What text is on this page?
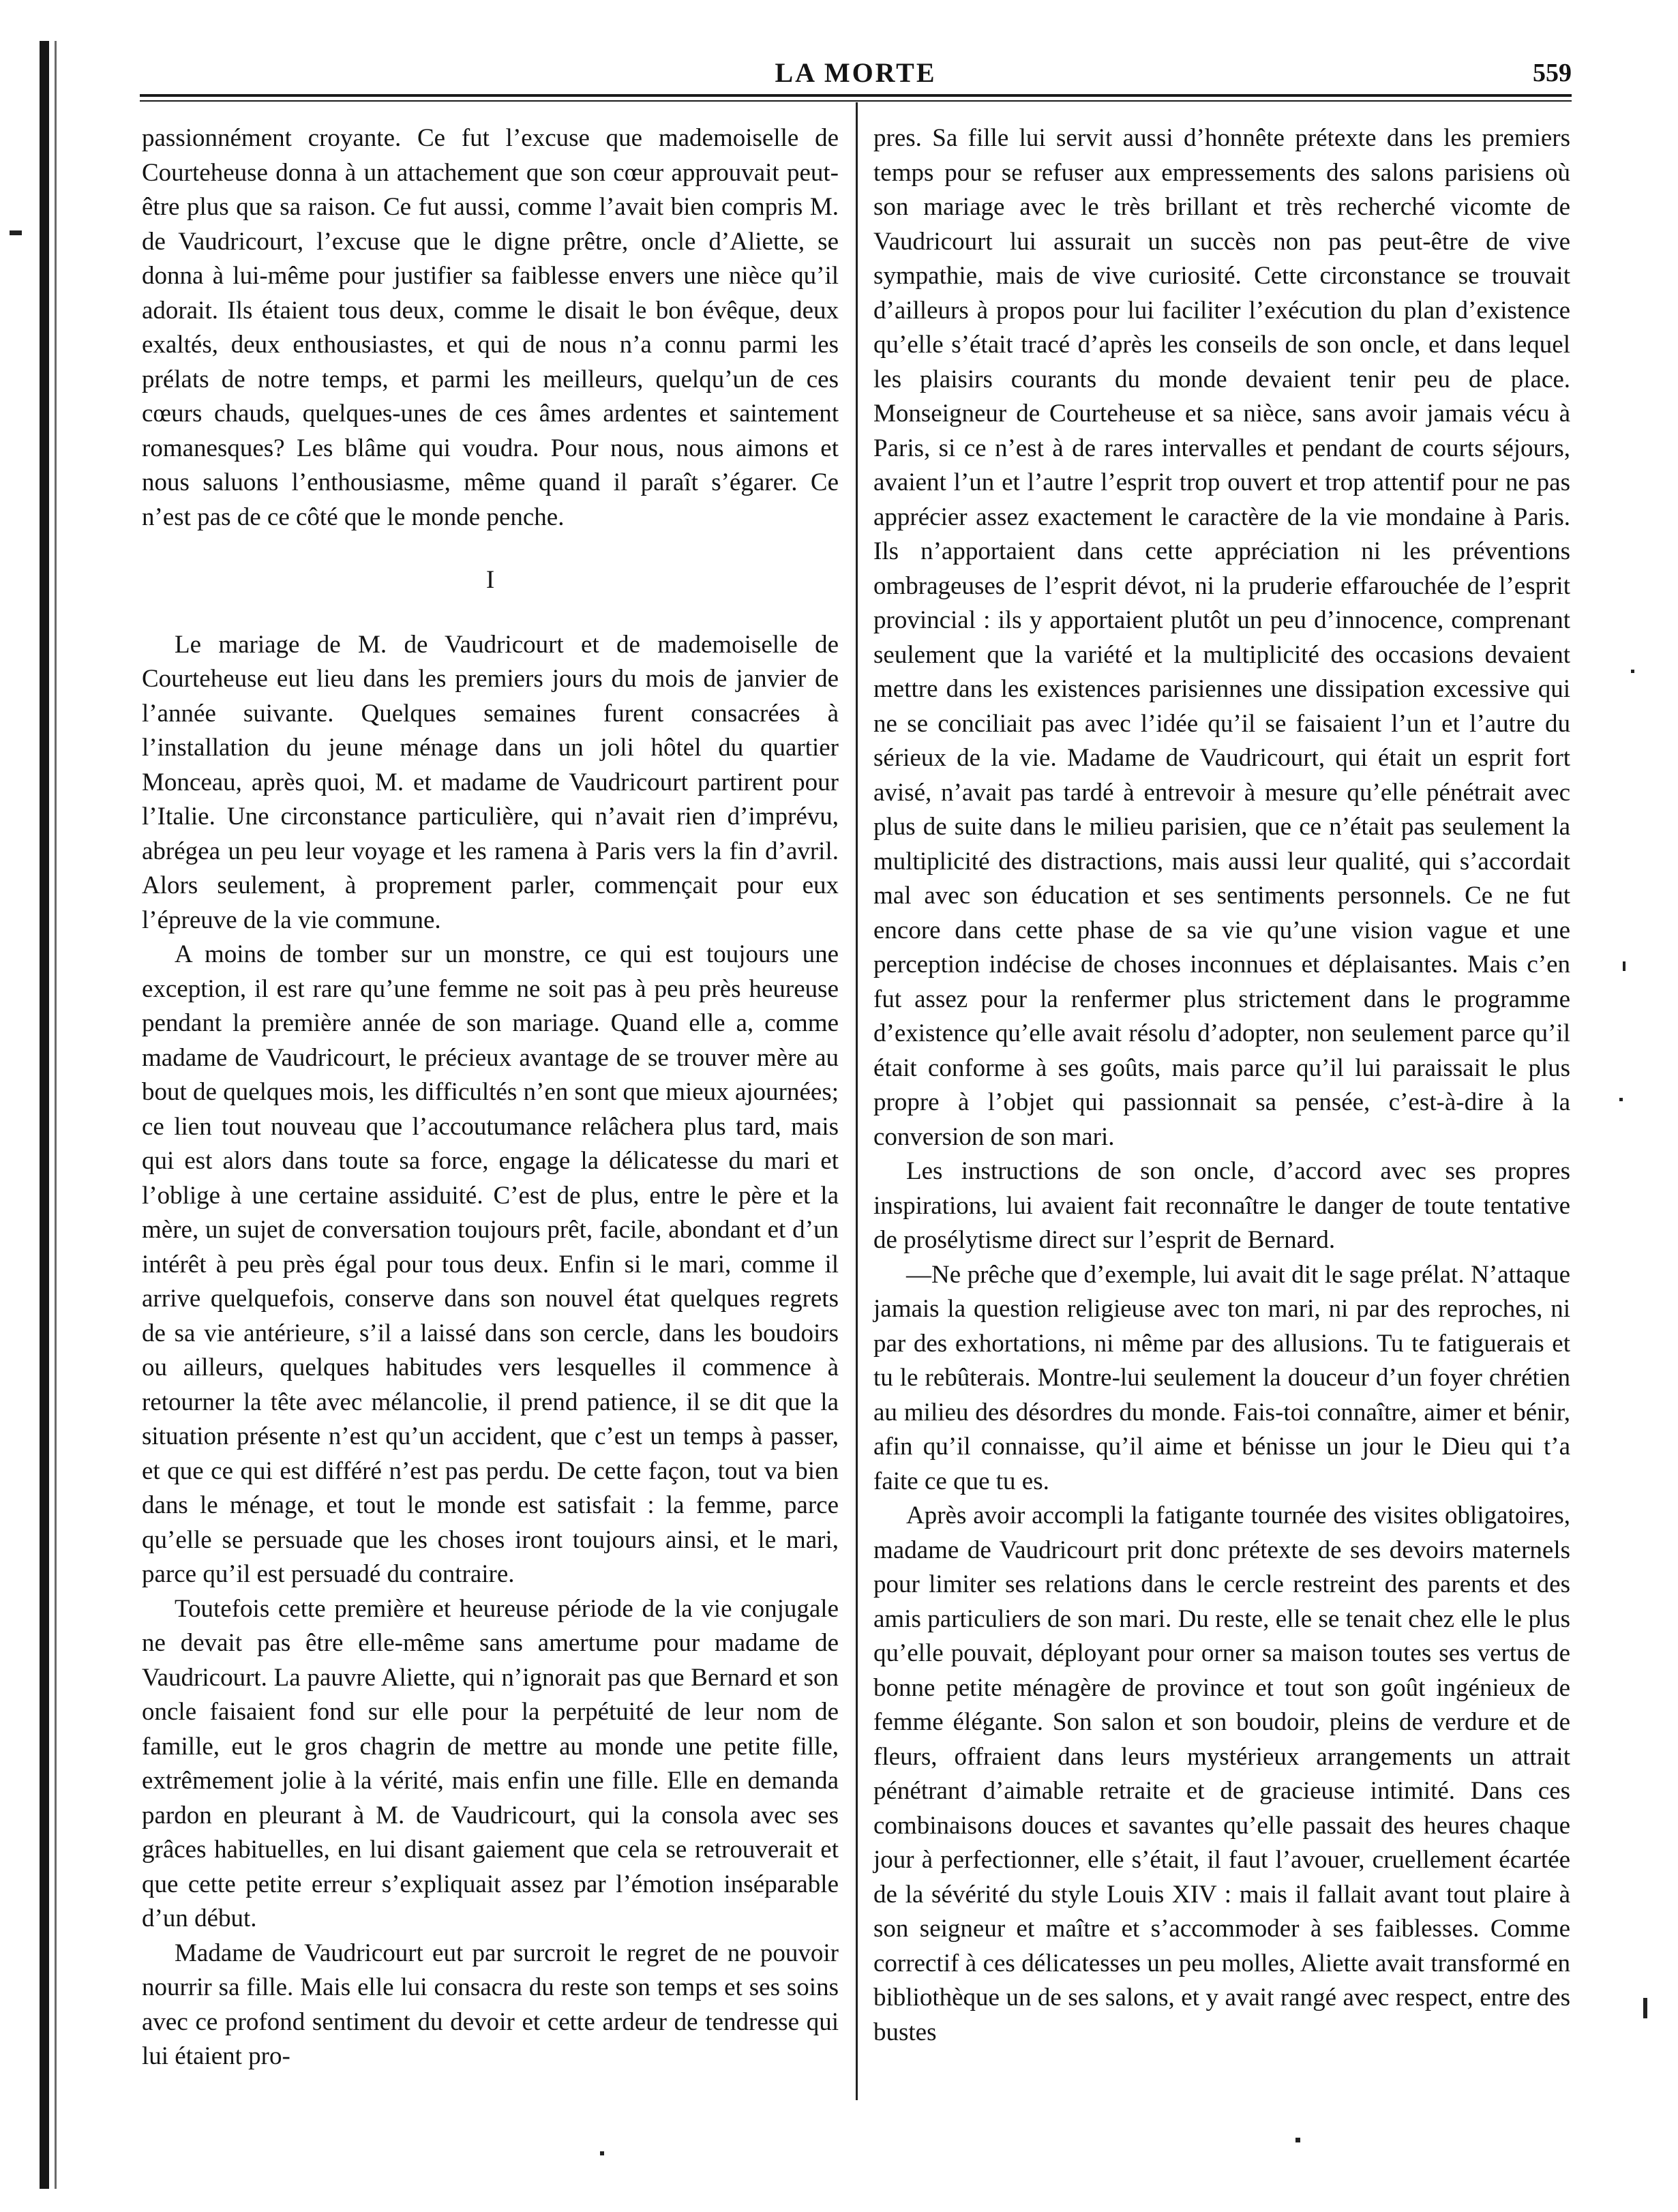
LA MORTE	559

passionnément croyante. Ce fut l’excuse que mademoiselle de Courteheuse donna à un attachement que son cœur approuvait peut-être plus que sa raison. Ce fut aussi, comme l’avait bien compris M. de Vaudricourt, l’excuse que le digne prêtre, oncle d’Aliette, se donna à lui-même pour justifier sa faiblesse envers une nièce qu’il adorait. Ils étaient tous deux, comme le disait le bon évêque, deux exaltés, deux enthousiastes, et qui de nous n’a connu parmi les prélats de notre temps, et parmi les meilleurs, quelqu’un de ces cœurs chauds, quelques-unes de ces âmes ardentes et saintement romanesques? Les blâme qui voudra. Pour nous, nous aimons et nous saluons l’enthousiasme, même quand il paraît s’égarer. Ce n’est pas de ce côté que le monde penche.

I

Le mariage de M. de Vaudricourt et de mademoiselle de Courteheuse eut lieu dans les premiers jours du mois de janvier de l’année suivante. Quelques semaines furent consacrées à l’installation du jeune ménage dans un joli hôtel du quartier Monceau, après quoi, M. et madame de Vaudricourt partirent pour l’Italie. Une circonstance particulière, qui n’avait rien d’imprévu, abrégea un peu leur voyage et les ramena à Paris vers la fin d’avril. Alors seulement, à proprement parler, commençait pour eux l’épreuve de la vie commune.

A moins de tomber sur un monstre, ce qui est toujours une exception, il est rare qu’une femme ne soit pas à peu près heureuse pendant la première année de son mariage. Quand elle a, comme madame de Vaudricourt, le précieux avantage de se trouver mère au bout de quelques mois, les difficultés n’en sont que mieux ajournées; ce lien tout nouveau que l’accoutumance relâchera plus tard, mais qui est alors dans toute sa force, engage la délicatesse du mari et l’oblige à une certaine assiduité. C’est de plus, entre le père et la mère, un sujet de conversation toujours prêt, facile, abondant et d’un intérêt à peu près égal pour tous deux. Enfin si le mari, comme il arrive quelquefois, conserve dans son nouvel état quelques regrets de sa vie antérieure, s’il a laissé dans son cercle, dans les boudoirs ou ailleurs, quelques habitudes vers lesquelles il commence à retourner la tête avec mélancolie, il prend patience, il se dit que la situation présente n’est qu’un accident, que c’est un temps à passer, et que ce qui est différé n’est pas perdu. De cette façon, tout va bien dans le ménage, et tout le monde est satisfait : la femme, parce qu’elle se persuade que les choses iront toujours ainsi, et le mari, parce qu’il est persuadé du contraire.

Toutefois cette première et heureuse période de la vie conjugale ne devait pas être elle-même sans amertume pour madame de Vaudricourt. La pauvre Aliette, qui n’ignorait pas que Bernard et son oncle faisaient fond sur elle pour la perpétuité de leur nom de famille, eut le gros chagrin de mettre au monde une petite fille, extrêmement jolie à la vérité, mais enfin une fille. Elle en demanda pardon en pleurant à M. de Vaudricourt, qui la consola avec ses grâces habituelles, en lui disant gaiement que cela se retrouverait et que cette petite erreur s’expliquait assez par l’émotion inséparable d’un début.

Madame de Vaudricourt eut par surcroit le regret de ne pouvoir nourrir sa fille. Mais elle lui consacra du reste son temps et ses soins avec ce profond sentiment du devoir et cette ardeur de tendresse qui lui étaient pro-

pres. Sa fille lui servit aussi d’honnête prétexte dans les premiers temps pour se refuser aux empressements des salons parisiens où son mariage avec le très brillant et très recherché vicomte de Vaudricourt lui assurait un succès non pas peut-être de vive sympathie, mais de vive curiosité. Cette circonstance se trouvait d’ailleurs à propos pour lui faciliter l’exécution du plan d’existence qu’elle s’était tracé d’après les conseils de son oncle, et dans lequel les plaisirs courants du monde devaient tenir peu de place. Monseigneur de Courteheuse et sa nièce, sans avoir jamais vécu à Paris, si ce n’est à de rares intervalles et pendant de courts séjours, avaient l’un et l’autre l’esprit trop ouvert et trop attentif pour ne pas apprécier assez exactement le caractère de la vie mondaine à Paris. Ils n’apportaient dans cette appréciation ni les préventions ombrageuses de l’esprit dévot, ni la pruderie effarouchée de l’esprit provincial : ils y apportaient plutôt un peu d’innocence, comprenant seulement que la variété et la multiplicité des occasions devaient mettre dans les existences parisiennes une dissipation excessive qui ne se conciliait pas avec l’idée qu’il se faisaient l’un et l’autre du sérieux de la vie. Madame de Vaudricourt, qui était un esprit fort avisé, n’avait pas tardé à entrevoir à mesure qu’elle pénétrait avec plus de suite dans le milieu parisien, que ce n’était pas seulement la multiplicité des distractions, mais aussi leur qualité, qui s’accordait mal avec son éducation et ses sentiments personnels. Ce ne fut encore dans cette phase de sa vie qu’une vision vague et une perception indécise de choses inconnues et déplaisantes. Mais c’en fut assez pour la renfermer plus strictement dans le programme d’existence qu’elle avait résolu d’adopter, non seulement parce qu’il était conforme à ses goûts, mais parce qu’il lui paraissait le plus propre à l’objet qui passionnait sa pensée, c’est-à-dire à la conversion de son mari.

Les instructions de son oncle, d’accord avec ses propres inspirations, lui avaient fait reconnaître le danger de toute tentative de prosélytisme direct sur l’esprit de Bernard.

—Ne prêche que d’exemple, lui avait dit le sage prélat. N’attaque jamais la question religieuse avec ton mari, ni par des reproches, ni par des exhortations, ni même par des allusions. Tu te fatiguerais et tu le rebûterais. Montre-lui seulement la douceur d’un foyer chrétien au milieu des désordres du monde. Fais-toi connaître, aimer et bénir, afin qu’il connaisse, qu’il aime et bénisse un jour le Dieu qui t’a faite ce que tu es.

Après avoir accompli la fatigante tournée des visites obligatoires, madame de Vaudricourt prit donc prétexte de ses devoirs maternels pour limiter ses relations dans le cercle restreint des parents et des amis particuliers de son mari. Du reste, elle se tenait chez elle le plus qu’elle pouvait, déployant pour orner sa maison toutes ses vertus de bonne petite ménagère de province et tout son goût ingénieux de femme élégante. Son salon et son boudoir, pleins de verdure et de fleurs, offraient dans leurs mystérieux arrangements un attrait pénétrant d’aimable retraite et de gracieuse intimité. Dans ces combinaisons douces et savantes qu’elle passait des heures chaque jour à perfectionner, elle s’était, il faut l’avouer, cruellement écartée de la sévérité du style Louis XIV : mais il fallait avant tout plaire à son seigneur et maître et s’accommoder à ses faiblesses. Comme correctif à ces délicatesses un peu molles, Aliette avait transformé en bibliothèque un de ses salons, et y avait rangé avec respect, entre des bustes
